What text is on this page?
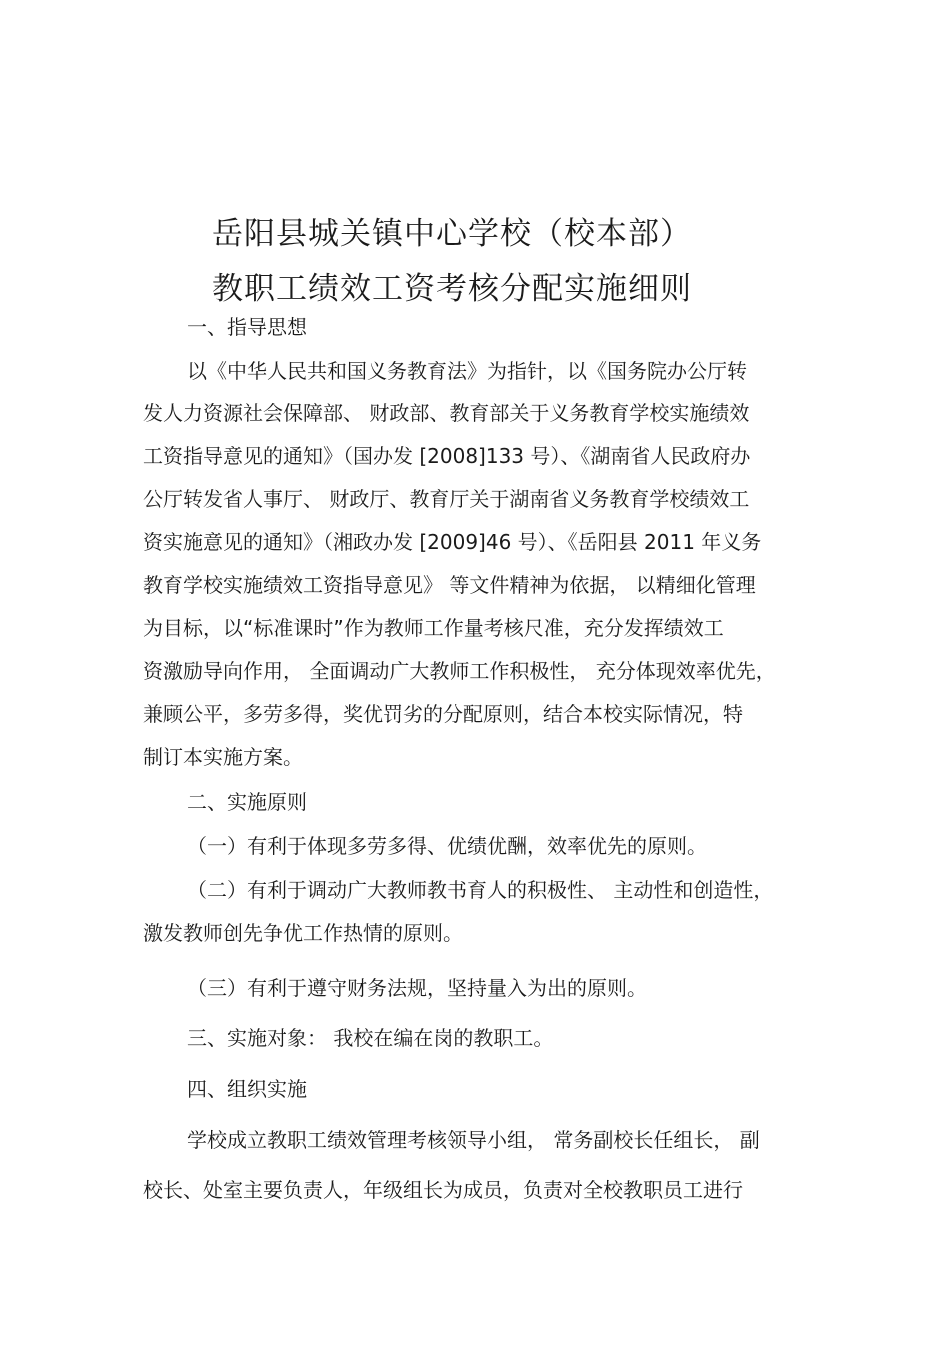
岳阳县城关镇中心学校（校本部）
教职工绩效工资考核分配实施细则

一、指导思想

以《中华人民共和国义务教育法》为指针，以《国务院办公厅转

发人力资源社会保障部、 财政部、教育部关于义务教育学校实施绩效

工资指导意见的通知》（国办发 [2008]133 号）、《湖南省人民政府办

公厅转发省人事厅、 财政厅、教育厅关于湖南省义务教育学校绩效工

资实施意见的通知》（湘政办发 [2009]46 号）、《岳阳县 2011 年义务

教育学校实施绩效工资指导意见》 等文件精神为依据， 以精细化管理

为目标，以“标准课时”作为教师工作量考核尺准，充分发挥绩效工

资激励导向作用， 全面调动广大教师工作积极性， 充分体现效率优先，

兼顾公平，多劳多得，奖优罚劣的分配原则，结合本校实际情况，特

制订本实施方案。

二、实施原则

（一）有利于体现多劳多得、优绩优酬，效率优先的原则。

（二）有利于调动广大教师教书育人的积极性、 主动性和创造性，

激发教师创先争优工作热情的原则。

（三）有利于遵守财务法规，坚持量入为出的原则。

三、实施对象： 我校在编在岗的教职工。

四、组织实施

学校成立教职工绩效管理考核领导小组， 常务副校长任组长， 副

校长、处室主要负责人，年级组长为成员，负责对全校教职员工进行
